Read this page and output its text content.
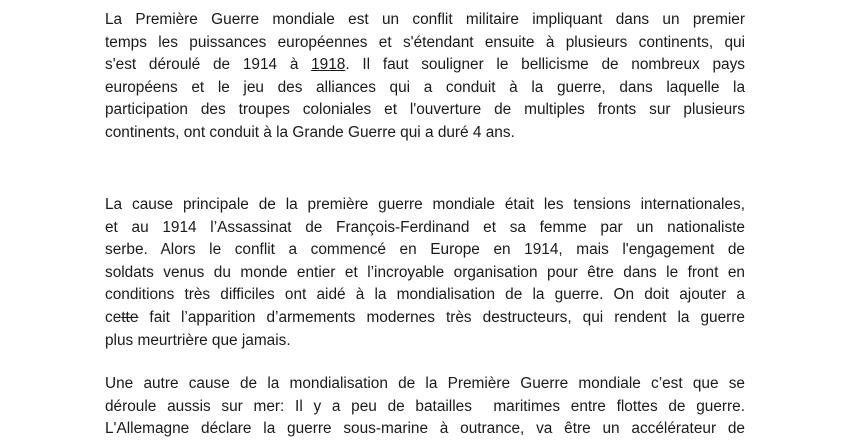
La Première Guerre mondiale est un conflit militaire impliquant dans un premier
temps les puissances européennes et s'étendant ensuite à plusieurs continents, qui
s'est déroulé de 1914 à 1918. Il faut souligner le bellicisme de nombreux pays
européens et le jeu des alliances qui a conduit à la guerre, dans laquelle la
participation des troupes coloniales et l'ouverture de multiples fronts sur plusieurs
continents, ont conduit à la Grande Guerre qui a duré 4 ans.
La cause principale de la première guerre mondiale était les tensions internationales,
et au 1914 l’Assassinat de François-Ferdinand et sa femme par un nationaliste
serbe. Alors le conflit a commencé en Europe en 1914, mais l'engagement de
soldats venus du monde entier et l’incroyable organisation pour être dans le front en
conditions très difficiles ont aidé à la mondialisation de la guerre. On doit ajouter a
cette fait l’apparition d’armements modernes très destructeurs, qui rendent la guerre
plus meurtrière que jamais.
Une autre cause de la mondialisation de la Première Guerre mondiale c’est que se
déroule aussis sur mer: Il y a peu de batailles  maritimes entre flottes de guerre.
L'Allemagne déclare la guerre sous-marine à outrance, va être un accélérateur de
